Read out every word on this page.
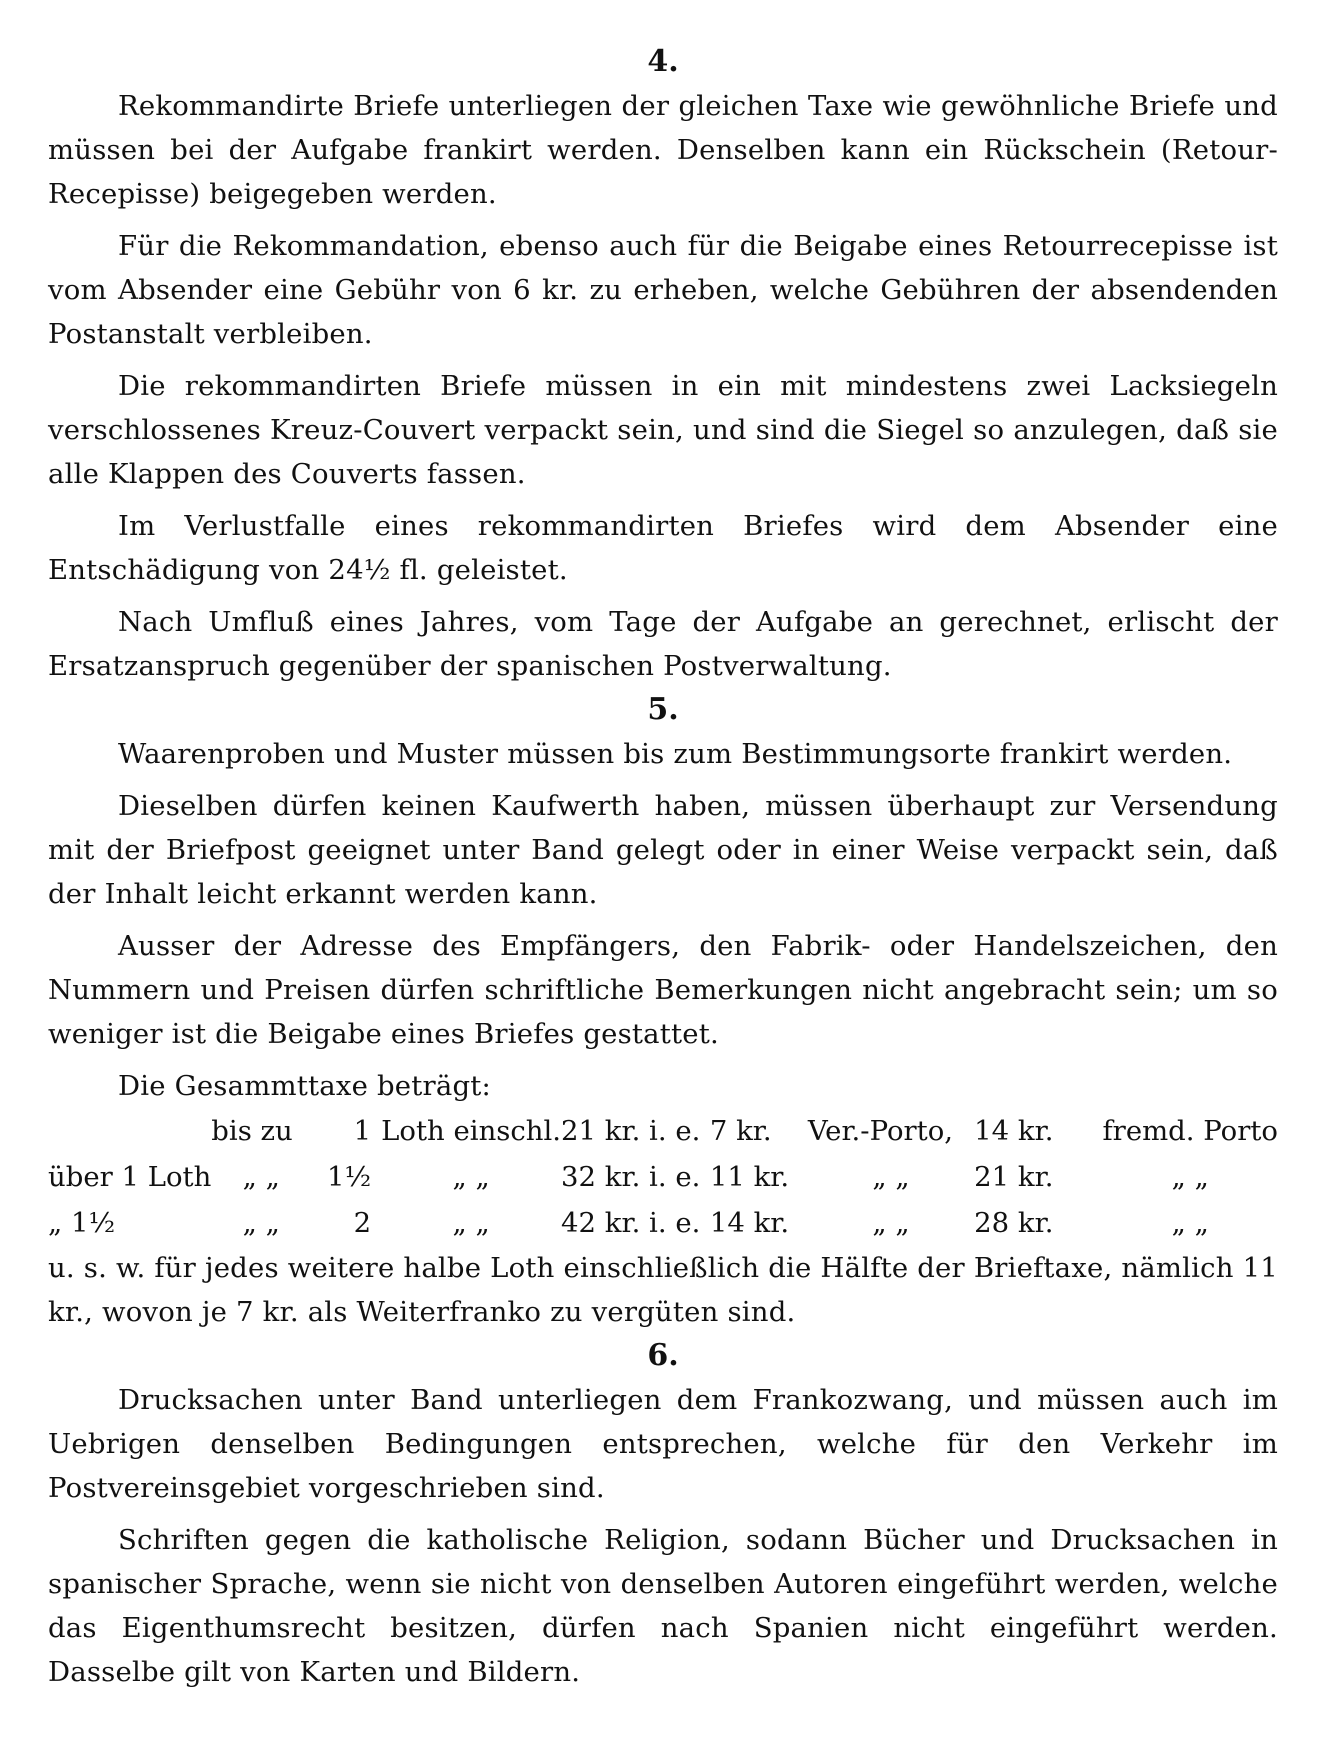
4.

Rekommandirte Briefe unterliegen der gleichen Taxe wie gewöhnliche Briefe und müssen bei der Aufgabe frankirt werden. Denselben kann ein Rückschein (Retour-Recepisse) beigegeben werden.

Für die Rekommandation, ebenso auch für die Beigabe eines Retourrecepisse ist vom Absender eine Gebühr von 6 kr. zu erheben, welche Gebühren der absendenden Postanstalt verbleiben.

Die rekommandirten Briefe müssen in ein mit mindestens zwei Lacksiegeln verschlossenes Kreuz-Couvert verpackt sein, und sind die Siegel so anzulegen, daß sie alle Klappen des Couverts fassen.

Im Verlustfalle eines rekommandirten Briefes wird dem Absender eine Entschädigung von 24½ fl. geleistet.

Nach Umfluß eines Jahres, vom Tage der Aufgabe an gerechnet, erlischt der Ersatzanspruch gegenüber der spanischen Postverwaltung.

5.

Waarenproben und Muster müssen bis zum Bestimmungsorte frankirt werden.

Dieselben dürfen keinen Kaufwerth haben, müssen überhaupt zur Versendung mit der Briefpost geeignet unter Band gelegt oder in einer Weise verpackt sein, daß der Inhalt leicht erkannt werden kann.

Ausser der Adresse des Empfängers, den Fabrik- oder Handelszeichen, den Nummern und Preisen dürfen schriftliche Bemerkungen nicht angebracht sein; um so weniger ist die Beigabe eines Briefes gestattet.

Die Gesammttaxe beträgt:

	bis zu	1	Loth einschl.	21 kr. i. e.	7 kr.	Ver.-Porto,	14 kr.	fremd. Porto
über 1 Loth	„ „	1½	„ „	32 kr. i. e.	11 kr.	„ „	21 kr.	„ „
„ 1½	„ „	2	„ „	42 kr. i. e.	14 kr.	„ „	28 kr.	„ „

u. s. w. für jedes weitere halbe Loth einschließlich die Hälfte der Brieftaxe, nämlich 11 kr., wovon je 7 kr. als Weiterfranko zu vergüten sind.

6.

Drucksachen unter Band unterliegen dem Frankozwang, und müssen auch im Uebrigen denselben Bedingungen entsprechen, welche für den Verkehr im Postvereinsgebiet vorgeschrieben sind.

Schriften gegen die katholische Religion, sodann Bücher und Drucksachen in spanischer Sprache, wenn sie nicht von denselben Autoren eingeführt werden, welche das Eigenthumsrecht besitzen, dürfen nach Spanien nicht eingeführt werden. Dasselbe gilt von Karten und Bildern.
